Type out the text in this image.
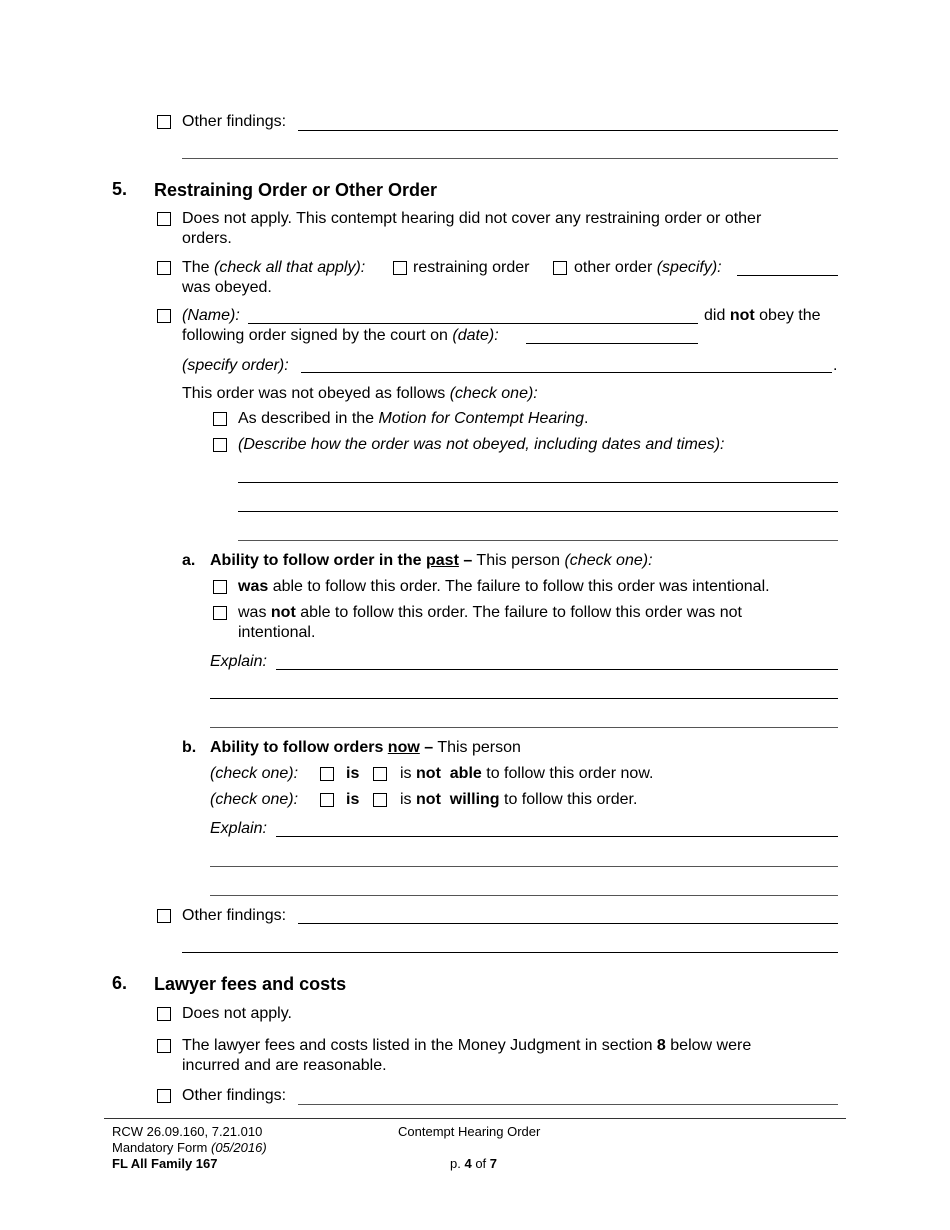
Other findings:
5. Restraining Order or Other Order
Does not apply. This contempt hearing did not cover any restraining order or other
orders.
The (check all that apply):	restraining order	other order (specify):
was obeyed.
(Name):	did not obey the
following order signed by the court on (date):
(specify order):	.
This order was not obeyed as follows (check one):
As described in the Motion for Contempt Hearing.
(Describe how the order was not obeyed, including dates and times):
a. Ability to follow order in the past – This person (check one):
was able to follow this order. The failure to follow this order was intentional.
was not able to follow this order. The failure to follow this order was not
intentional.
Explain:
b. Ability to follow orders now – This person
(check one):	is	is not able to follow this order now.
(check one):	is	is not willing to follow this order.
Explain:
Other findings:
6. Lawyer fees and costs
Does not apply.
The lawyer fees and costs listed in the Money Judgment in section 8 below were
incurred and are reasonable.
Other findings:
RCW 26.09.160, 7.21.010
Mandatory Form (05/2016)
FL All Family 167
Contempt Hearing Order
p. 4 of 7
